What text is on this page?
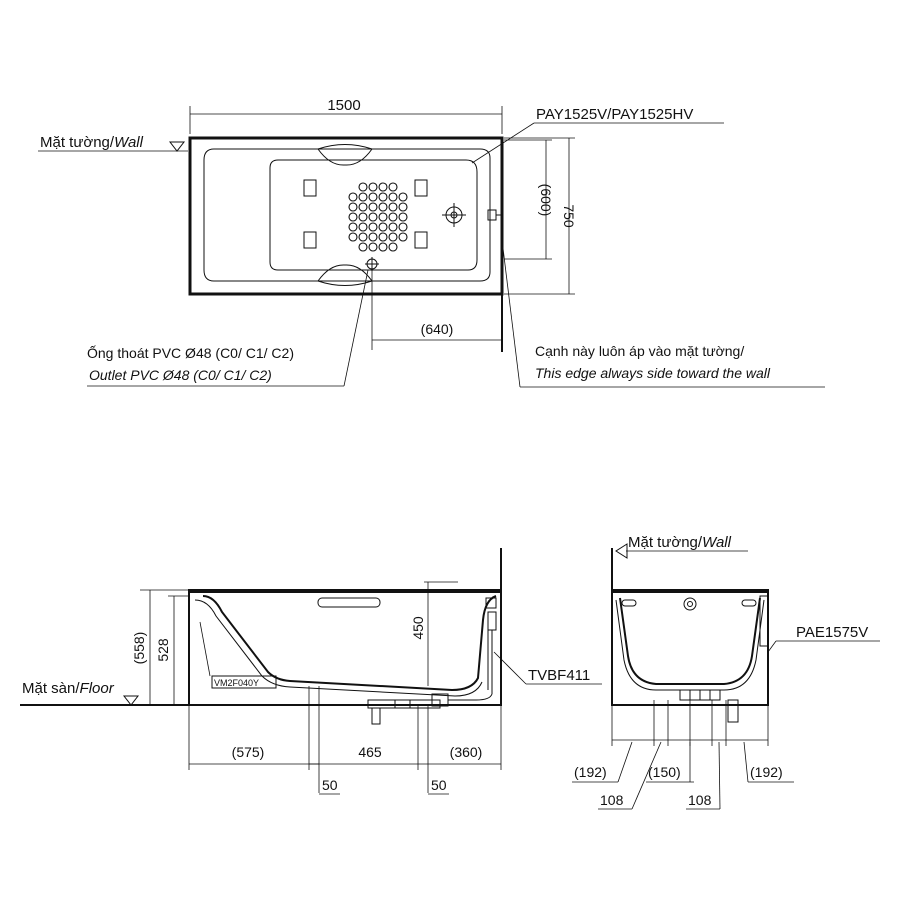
Mặt tường/Wall
1500
PAY1525V/PAY1525HV
(600) 750
(640)
Ống thoát PVC Ø48 (C0/ C1/ C2)
Outlet PVC Ø48 (C0/ C1/ C2)
Cạnh này luôn áp vào mặt tường/
This edge always side toward the wall
Mặt sàn/Floor
(558) 528
450
VM2F040Y	TVBF411
(575)	465	(360)
50	50
Mặt tường/Wall
PAE1575V
(192)	(150)	(192)
108	108
